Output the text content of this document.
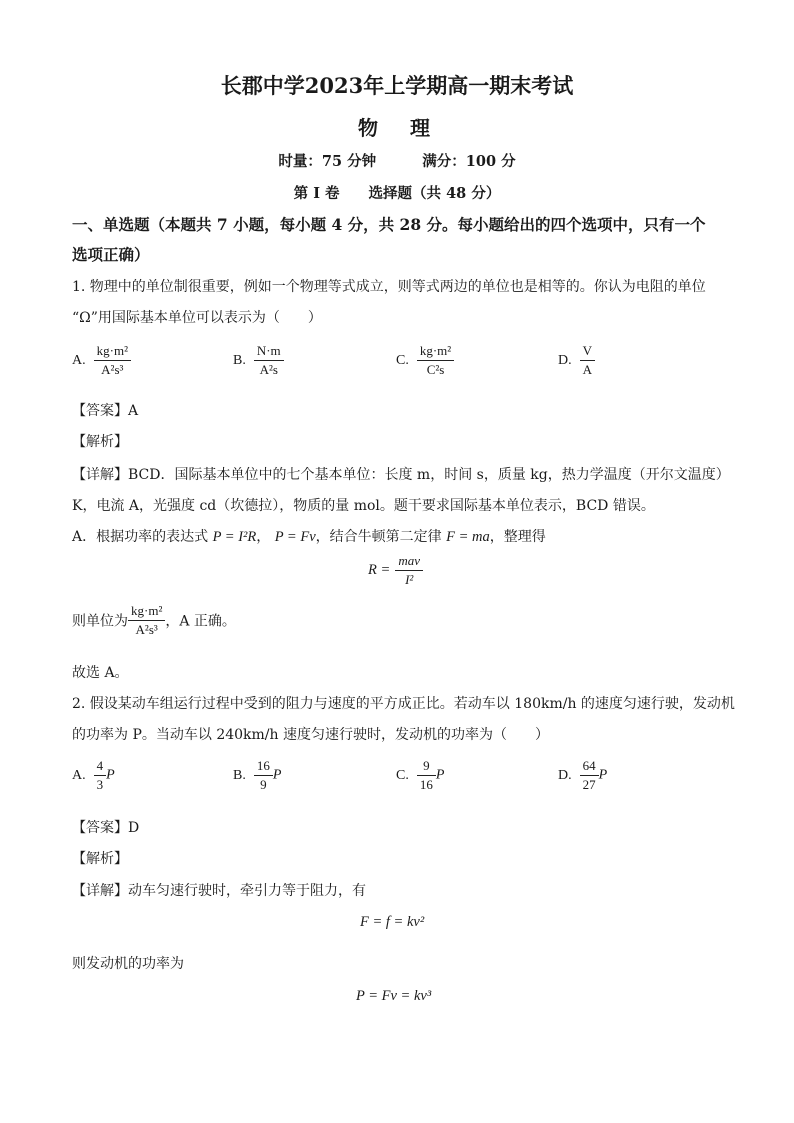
长郡中学2023年上学期高一期末考试
物　理
时量：75 分钟	满分：100 分
第 I 卷　　选择题（共 48 分）
一、单选题（本题共 7 小题，每小题 4 分，共 28 分。每小题给出的四个选项中，只有一个
选项正确）
1. 物理中的单位制很重要，例如一个物理等式成立，则等式两边的单位也是相等的。你认为电阻的单位
“Ω”用国际基本单位可以表示为（　　）
A. $\frac{\text{kg·m²}}{\text{A²s³}}$	B. $\frac{N\cdot m}{\text{A²s}}$	C. $\frac{\text{kg·m²}}{\text{C²s}}$	D. $\frac{V}{A}$
【答案】A
【解析】
【详解】BCD．国际基本单位中的七个基本单位：长度 m，时间 s，质量 kg，热力学温度（开尔文温度）
K，电流 A，光强度 cd（坎德拉），物质的量 mol。题干要求国际基本单位表示，BCD 错误。
A．根据功率的表达式 P = I²R， P = Fv，结合牛顿第二定律 F = ma，整理得
$R = \frac{\text{mav}}{\text{I²}}$
则单位为 $\frac{\text{kg·m²}}{\text{A²s³}}$ ，A 正确。
故选 A。
2. 假设某动车组运行过程中受到的阻力与速度的平方成正比。若动车以 180km/h 的速度匀速行驶，发动机
的功率为 P。当动车以 240km/h 速度匀速行驶时，发动机的功率为（　　）
A. $\frac{4}{3}$ P	B. $\frac{16}{9}$ P	C. $\frac{9}{16}$ P	D. $\frac{64}{27}$ P
【答案】D
【解析】
【详解】动车匀速行驶时，牵引力等于阻力，有
F = f = kv²
则发动机的功率为
P = Fv = kv³
